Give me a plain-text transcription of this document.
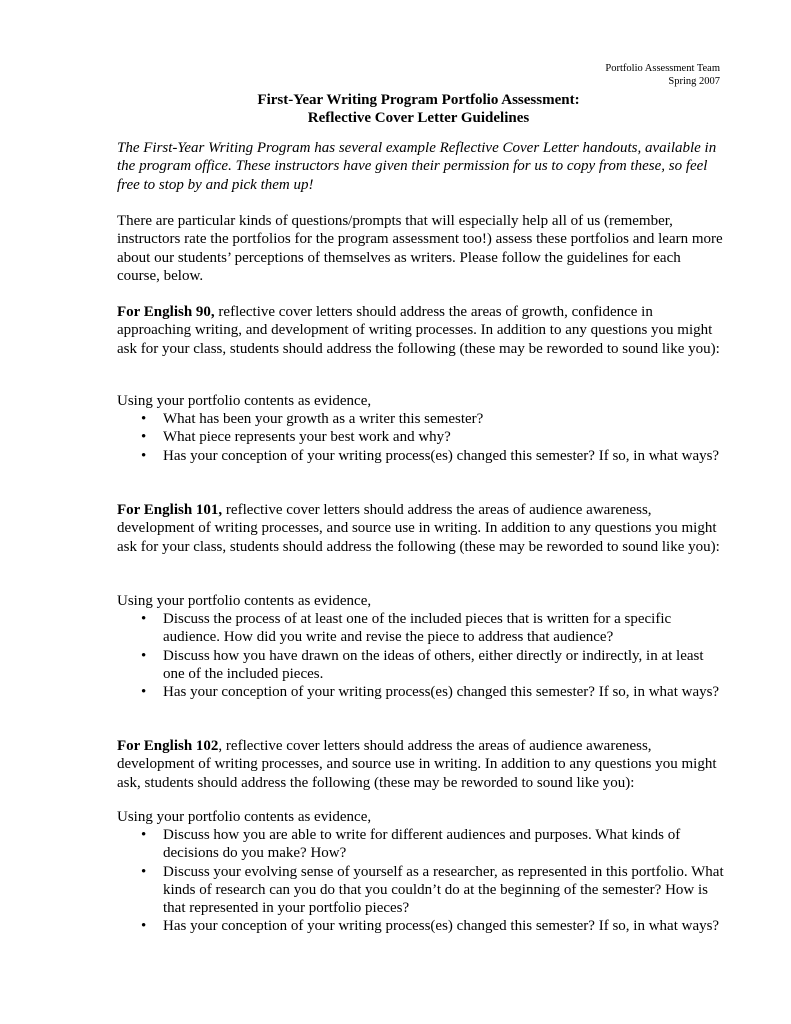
Portfolio Assessment Team
Spring 2007
First-Year Writing Program Portfolio Assessment:
Reflective Cover Letter Guidelines

The First-Year Writing Program has several example Reflective Cover Letter handouts, available in the program office. These instructors have given their permission for us to copy from these, so feel free to stop by and pick them up!

There are particular kinds of questions/prompts that will especially help all of us (remember, instructors rate the portfolios for the program assessment too!) assess these portfolios and learn more about our students’ perceptions of themselves as writers. Please follow the guidelines for each course, below.

For English 90, reflective cover letters should address the areas of growth, confidence in approaching writing, and development of writing processes. In addition to any questions you might ask for your class, students should address the following (these may be reworded to sound like you):

Using your portfolio contents as evidence,

• What has been your growth as a writer this semester?
• What piece represents your best work and why?
• Has your conception of your writing process(es) changed this semester? If so, in what ways?

For English 101, reflective cover letters should address the areas of audience awareness, development of writing processes, and source use in writing. In addition to any questions you might ask for your class, students should address the following (these may be reworded to sound like you):

Using your portfolio contents as evidence,

• Discuss the process of at least one of the included pieces that is written for a specific audience. How did you write and revise the piece to address that audience?
• Discuss how you have drawn on the ideas of others, either directly or indirectly, in at least one of the included pieces.
• Has your conception of your writing process(es) changed this semester? If so, in what ways?

For English 102, reflective cover letters should address the areas of audience awareness, development of writing processes, and source use in writing. In addition to any questions you might ask, students should address the following (these may be reworded to sound like you):

Using your portfolio contents as evidence,

• Discuss how you are able to write for different audiences and purposes. What kinds of decisions do you make? How?
• Discuss your evolving sense of yourself as a researcher, as represented in this portfolio. What kinds of research can you do that you couldn’t do at the beginning of the semester? How is that represented in your portfolio pieces?
• Has your conception of your writing process(es) changed this semester? If so, in what ways?
